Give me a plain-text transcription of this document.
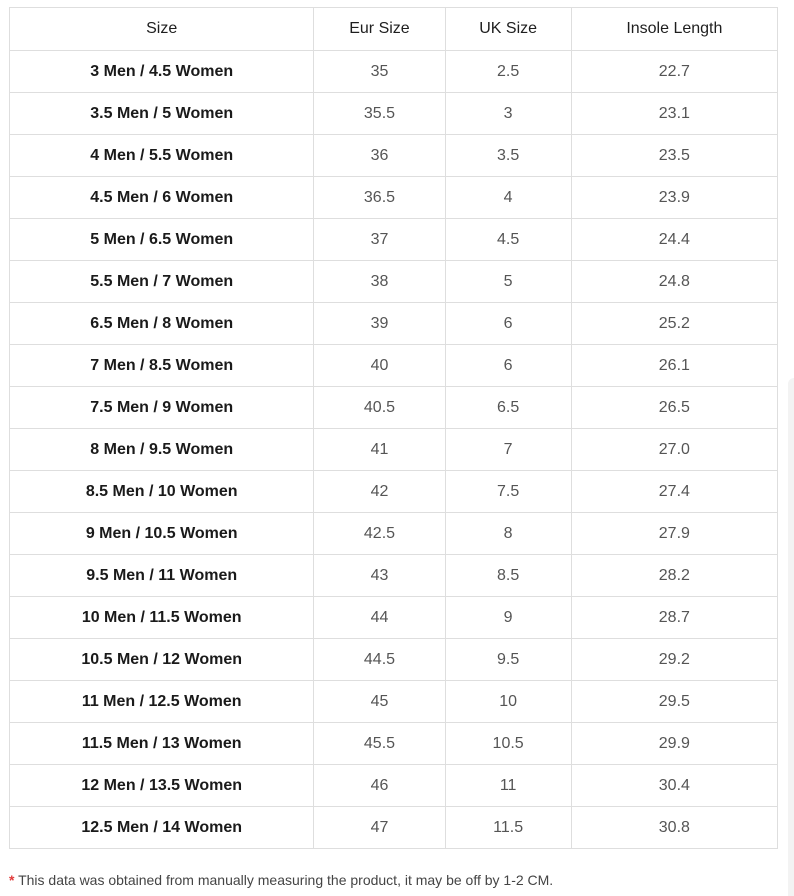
Size	Eur Size	UK Size	Insole Length
3 Men / 4.5 Women	35	2.5	22.7
3.5 Men / 5 Women	35.5	3	23.1
4 Men / 5.5 Women	36	3.5	23.5
4.5 Men / 6 Women	36.5	4	23.9
5 Men / 6.5 Women	37	4.5	24.4
5.5 Men / 7 Women	38	5	24.8
6.5 Men / 8 Women	39	6	25.2
7 Men / 8.5 Women	40	6	26.1
7.5 Men / 9 Women	40.5	6.5	26.5
8 Men / 9.5 Women	41	7	27.0
8.5 Men / 10 Women	42	7.5	27.4
9 Men / 10.5 Women	42.5	8	27.9
9.5 Men / 11 Women	43	8.5	28.2
10 Men / 11.5 Women	44	9	28.7
10.5 Men / 12 Women	44.5	9.5	29.2
11 Men / 12.5 Women	45	10	29.5
11.5 Men / 13 Women	45.5	10.5	29.9
12 Men / 13.5 Women	46	11	30.4
12.5 Men / 14 Women	47	11.5	30.8
* This data was obtained from manually measuring the product, it may be off by 1-2 CM.
